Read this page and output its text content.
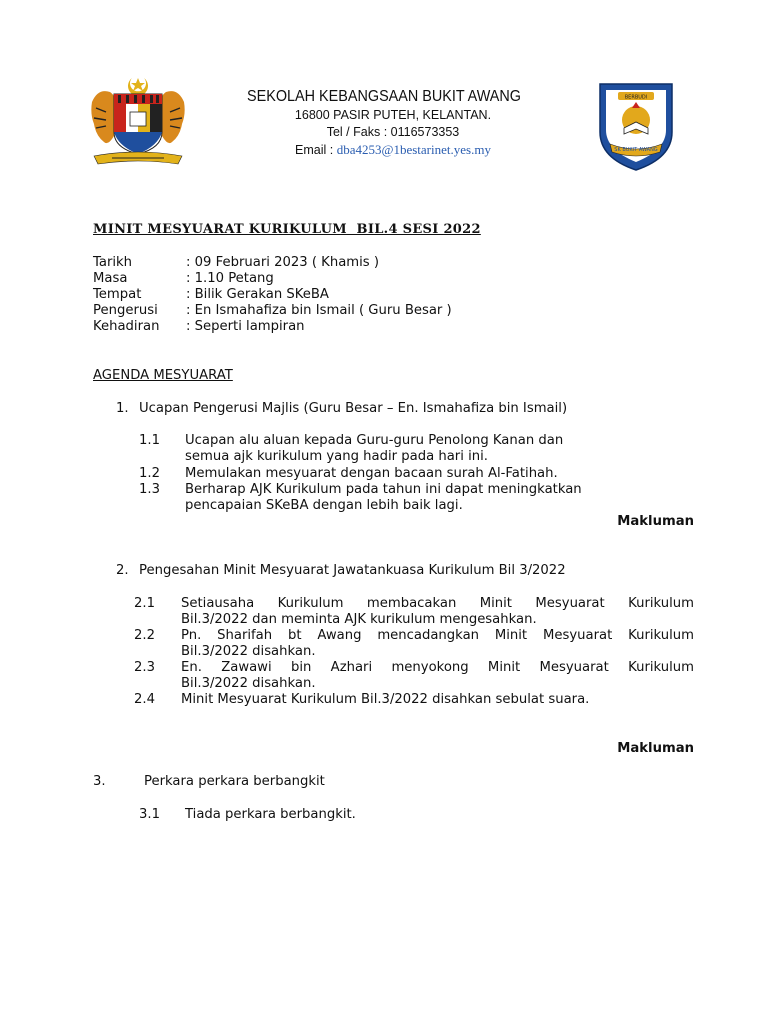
SEKOLAH KEBANGSAAN BUKIT AWANG
16800 PASIR PUTEH, KELANTAN.
Tel / Faks : 0116573353
Email : dba4253@1bestarinet.yes.my
BERBUDI
SK BUKIT AWANG
MINIT MESYUARAT KURIKULUM  BIL.4 SESI 2022
Tarikh	: 09 Februari 2023 ( Khamis )
Masa	: 1.10 Petang
Tempat	: Bilik Gerakan SKeBA
Pengerusi	: En Ismahafiza bin Ismail ( Guru Besar )
Kehadiran	: Seperti lampiran
AGENDA MESYUARAT
1. Ucapan Pengerusi Majlis (Guru Besar – En. Ismahafiza bin Ismail)
1.1 Ucapan alu aluan kepada Guru-guru Penolong Kanan dan
semua ajk kurikulum yang hadir pada hari ini.
1.2 Memulakan mesyuarat dengan bacaan surah Al-Fatihah.
1.3 Berharap AJK Kurikulum pada tahun ini dapat meningkatkan
pencapaian SKeBA dengan lebih baik lagi.
Makluman
2. Pengesahan Minit Mesyuarat Jawatankuasa Kurikulum Bil 3/2022
2.1 Setiausaha Kurikulum membacakan Minit Mesyuarat Kurikulum
Bil.3/2022 dan meminta AJK kurikulum mengesahkan.
2.2 Pn. Sharifah bt Awang mencadangkan Minit Mesyuarat Kurikulum
Bil.3/2022 disahkan.
2.3 En. Zawawi bin Azhari menyokong Minit Mesyuarat Kurikulum
Bil.3/2022 disahkan.
2.4 Minit Mesyuarat Kurikulum Bil.3/2022 disahkan sebulat suara.
Makluman
3.	Perkara perkara berbangkit
3.1 Tiada perkara berbangkit.
